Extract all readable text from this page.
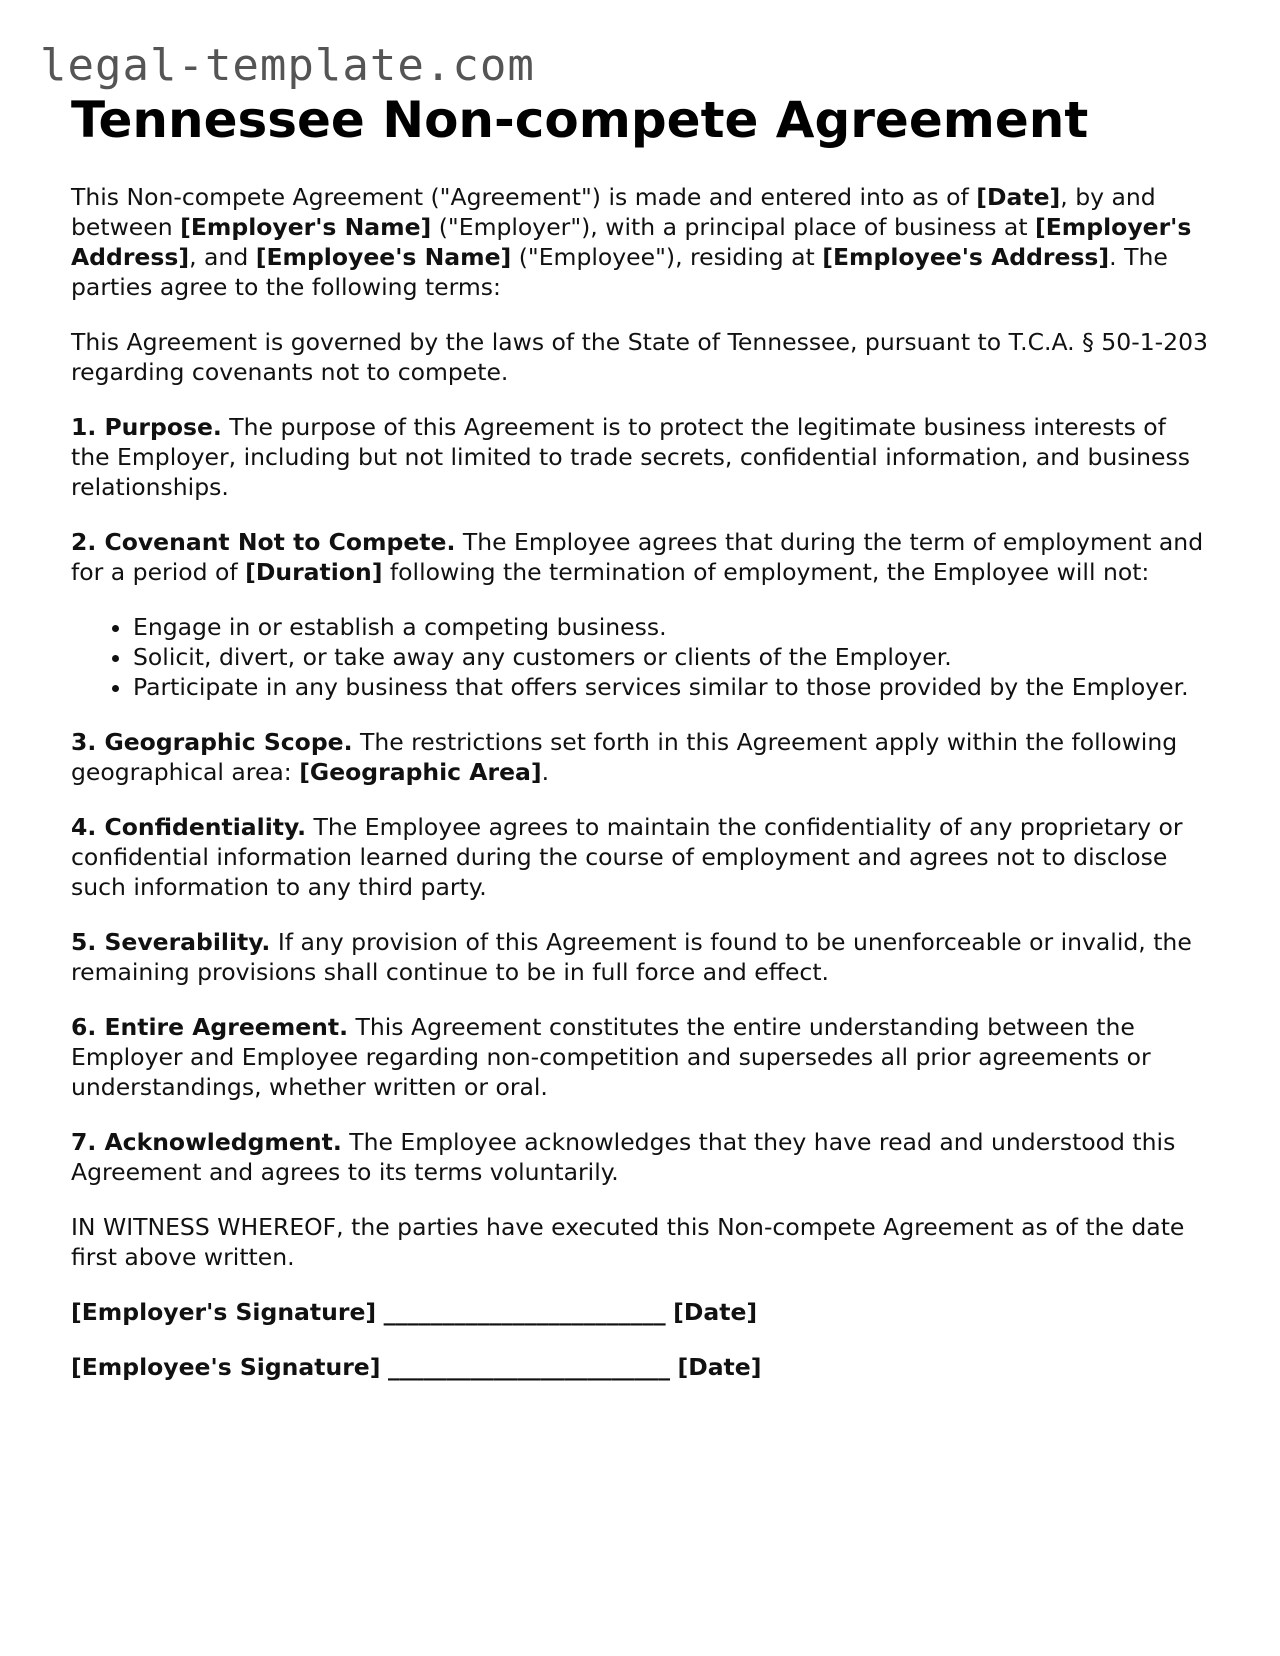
legal-template.com
Tennessee Non-compete Agreement

This Non-compete Agreement ("Agreement") is made and entered into as of [Date], by and between [Employer's Name] ("Employer"), with a principal place of business at [Employer's Address], and [Employee's Name] ("Employee"), residing at [Employee's Address]. The parties agree to the following terms:

This Agreement is governed by the laws of the State of Tennessee, pursuant to T.C.A. § 50-1-203 regarding covenants not to compete.

1. Purpose. The purpose of this Agreement is to protect the legitimate business interests of the Employer, including but not limited to trade secrets, confidential information, and business relationships.

2. Covenant Not to Compete. The Employee agrees that during the term of employment and for a period of [Duration] following the termination of employment, the Employee will not:

• Engage in or establish a competing business.
• Solicit, divert, or take away any customers or clients of the Employer.
• Participate in any business that offers services similar to those provided by the Employer.

3. Geographic Scope. The restrictions set forth in this Agreement apply within the following geographical area: [Geographic Area].

4. Confidentiality. The Employee agrees to maintain the confidentiality of any proprietary or confidential information learned during the course of employment and agrees not to disclose such information to any third party.

5. Severability. If any provision of this Agreement is found to be unenforceable or invalid, the remaining provisions shall continue to be in full force and effect.

6. Entire Agreement. This Agreement constitutes the entire understanding between the Employer and Employee regarding non-competition and supersedes all prior agreements or understandings, whether written or oral.

7. Acknowledgment. The Employee acknowledges that they have read and understood this Agreement and agrees to its terms voluntarily.

IN WITNESS WHEREOF, the parties have executed this Non-compete Agreement as of the date first above written.

[Employer's Signature] ________________________ [Date]

[Employee's Signature] ________________________ [Date]
